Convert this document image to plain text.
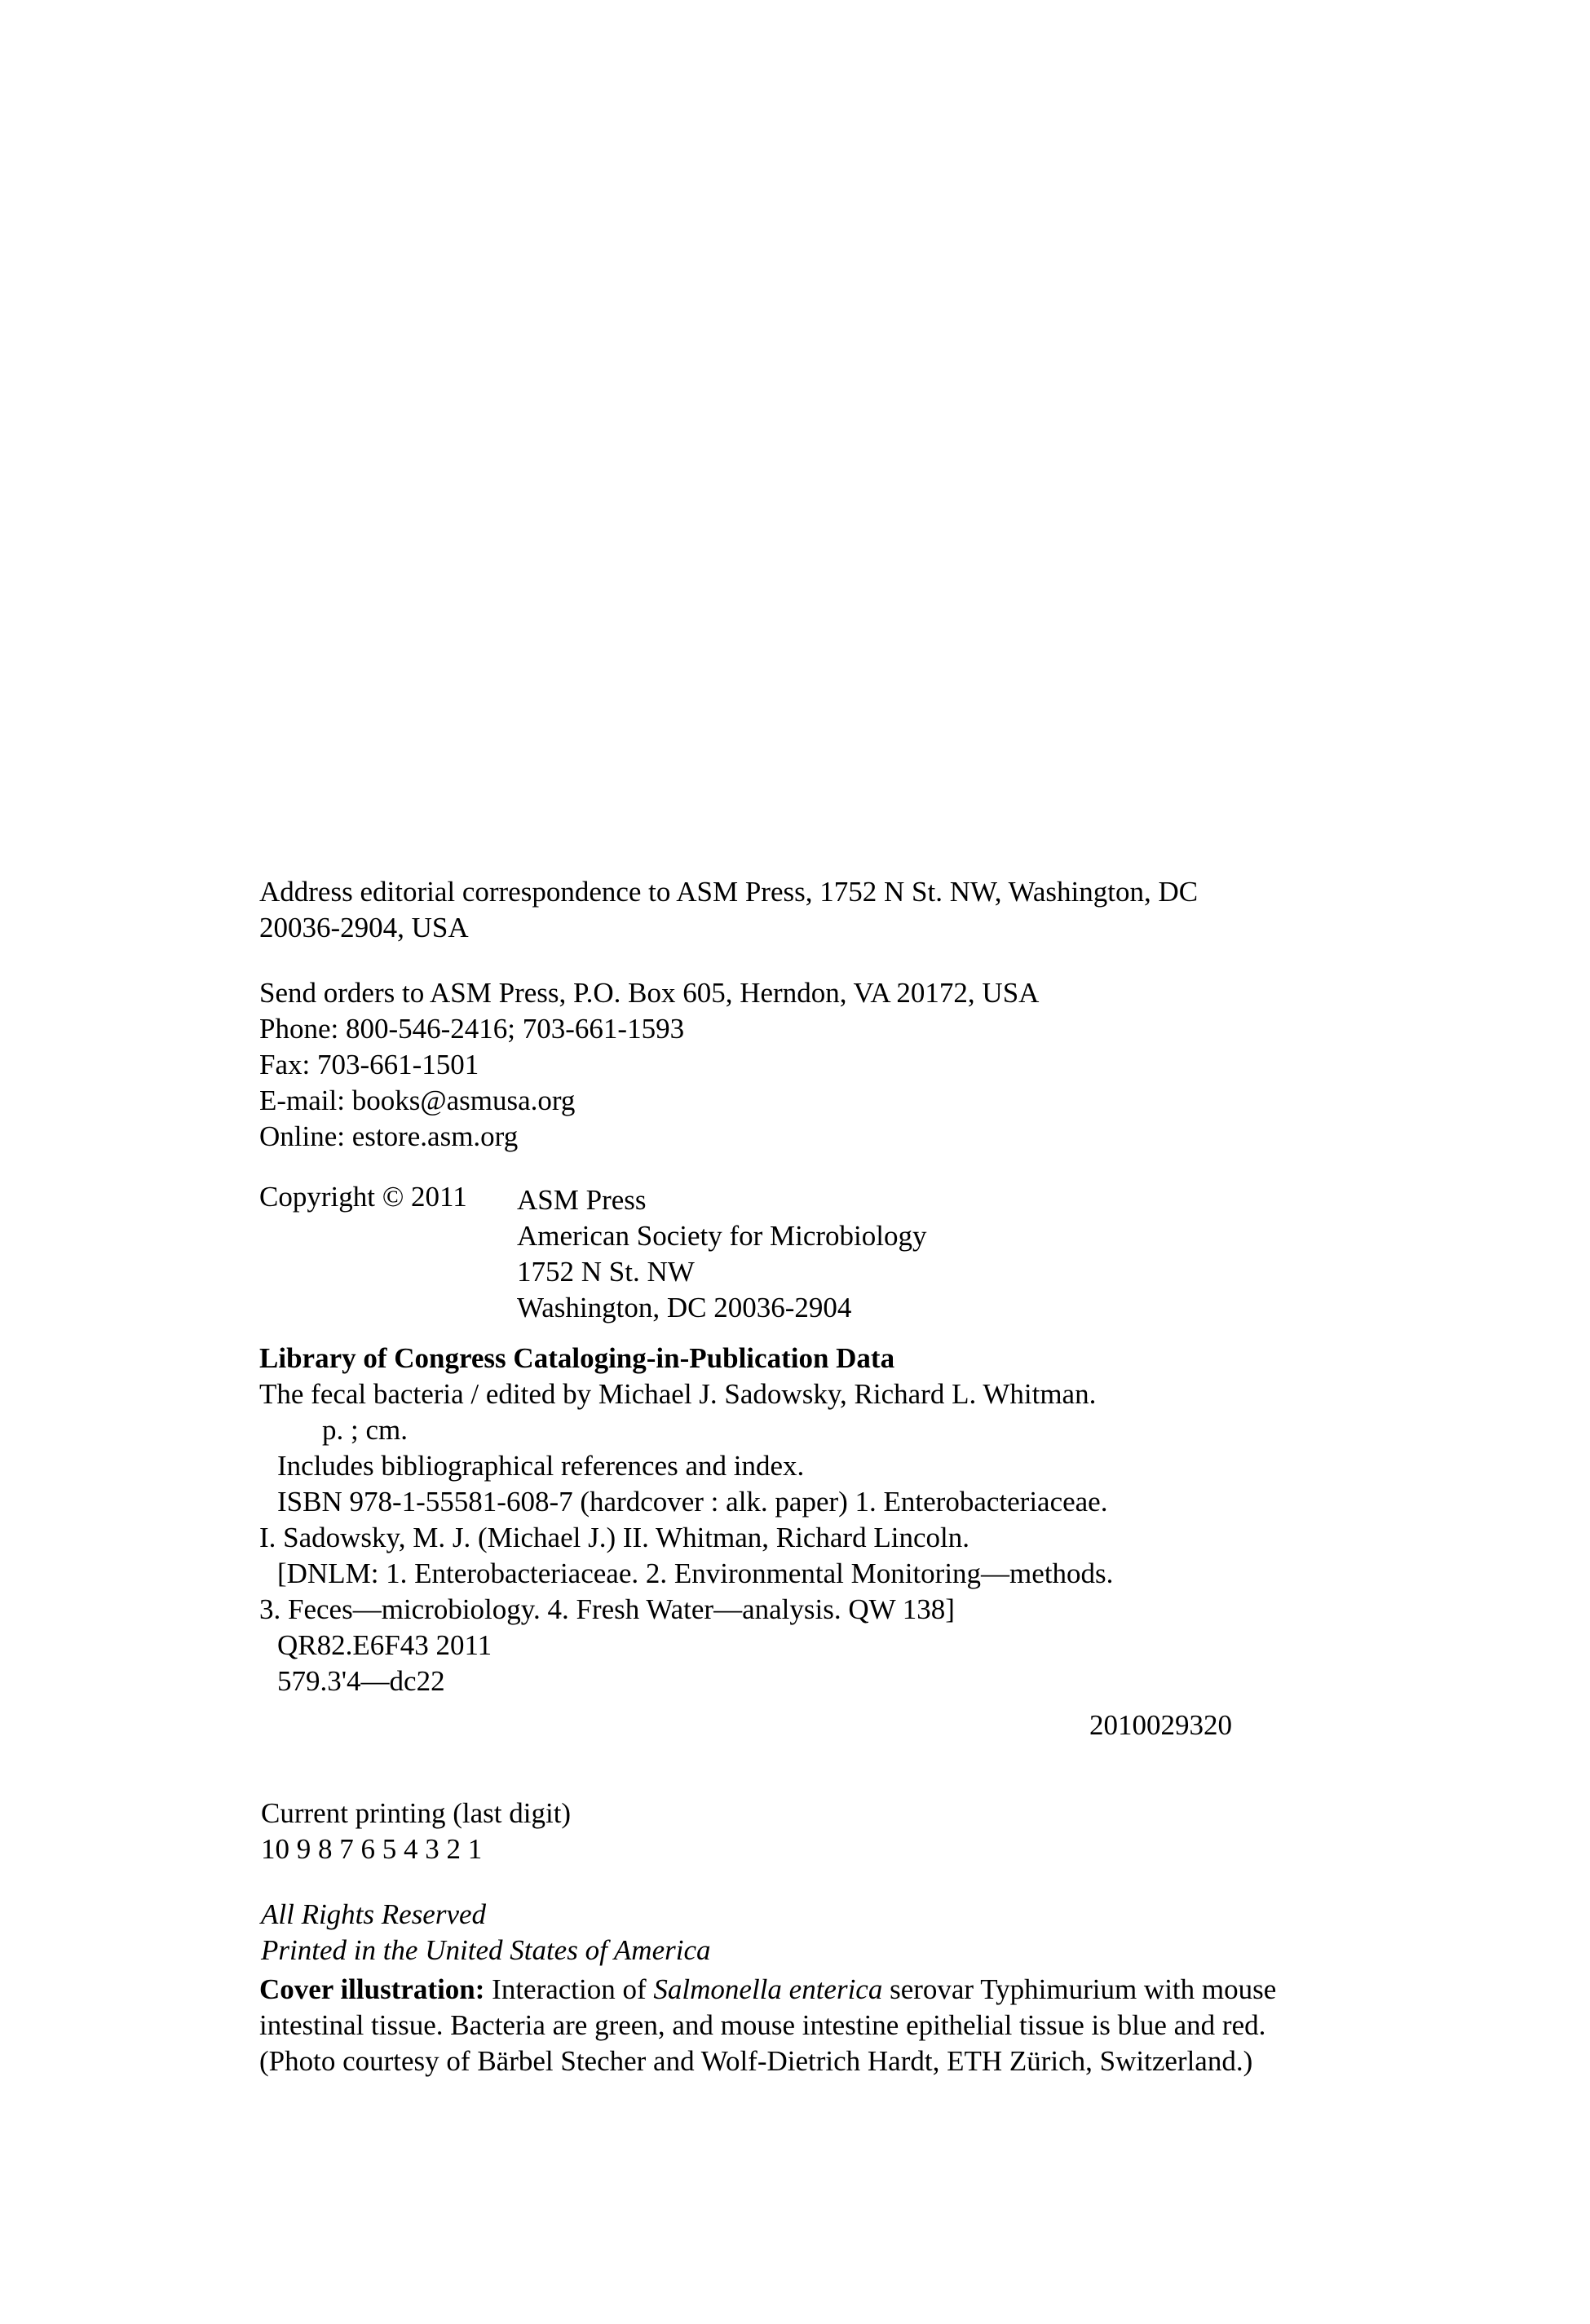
Address editorial correspondence to ASM Press, 1752 N St. NW, Washington, DC
20036-2904, USA
Send orders to ASM Press, P.O. Box 605, Herndon, VA 20172, USA
Phone: 800-546-2416; 703-661-1593
Fax: 703-661-1501
E-mail: books@asmusa.org
Online: estore.asm.org
Copyright © 2011 ASM Press
American Society for Microbiology
1752 N St. NW
Washington, DC 20036-2904
Library of Congress Cataloging-in-Publication Data
The fecal bacteria / edited by Michael J. Sadowsky, Richard L. Whitman.
p. ; cm.
Includes bibliographical references and index.
ISBN 978-1-55581-608-7 (hardcover : alk. paper) 1. Enterobacteriaceae.
I. Sadowsky, M. J. (Michael J.) II. Whitman, Richard Lincoln.
[DNLM: 1. Enterobacteriaceae. 2. Environmental Monitoring—methods.
3. Feces—microbiology. 4. Fresh Water—analysis. QW 138]
QR82.E6F43 2011
579.3'4—dc22
2010029320
Current printing (last digit)
10 9 8 7 6 5 4 3 2 1
All Rights Reserved
Printed in the United States of America
Cover illustration: Interaction of Salmonella enterica serovar Typhimurium with mouse
intestinal tissue. Bacteria are green, and mouse intestine epithelial tissue is blue and red.
(Photo courtesy of Bärbel Stecher and Wolf-Dietrich Hardt, ETH Zürich, Switzerland.)
